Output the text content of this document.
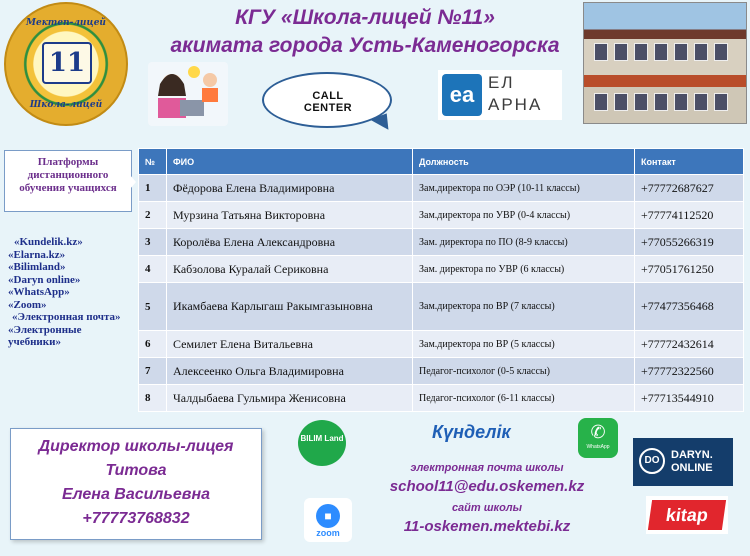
Мектеп-лицей
11
Школа-лицей
КГУ «Школа-лицей №11»
акимата города Усть-Каменогорска
CALL CENTER
еа ЕЛ
АРНА
Платформы дистанционного обучения учащихся
«Kundelik.kz»
«Elarna.kz»
«Bilimland»
«Daryn online»
«WhatsApp»
«Zoom»
«Электронная почта»
«Электронные учебники»
№	ФИО	Должность	Контакт
1	Фёдорова Елена Владимировна	Зам.директора по ОЭР (10-11 классы)	+77772687627
2	Мурзина Татьяна Викторовна	Зам.директора по УВР (0-4 классы)	+77774112520
3	Королёва Елена Александровна	Зам. директора по ПО (8-9 классы)	+77055266319
4	Кабзолова Куралай Сериковна	Зам. директора по УВР (6 классы)	+77051761250
5	Икамбаева Карлыгаш Ракымгазыновна	Зам.директора по ВР (7 классы)	+77477356468
6	Семилет Елена Витальевна	Зам.директора по ВР (5 классы)	+77772432614
7	Алексеенко Ольга Владимировна	Педагог-психолог (0-5 классы)	+77772322560
8	Чалдыбаева Гульмира Женисовна	Педагог-психолог (6-11 классы)	+77713544910
Директор школы-лицея
Титова
Елена Васильевна
+77773768832
BILIM Land	Күнделік	✆
WhatsApp
DO	DARYN. ONLINE
■
zoom
kitap
электронная почта школы
school11@edu.oskemen.kz
сайт школы
11-oskemen.mektebi.kz
